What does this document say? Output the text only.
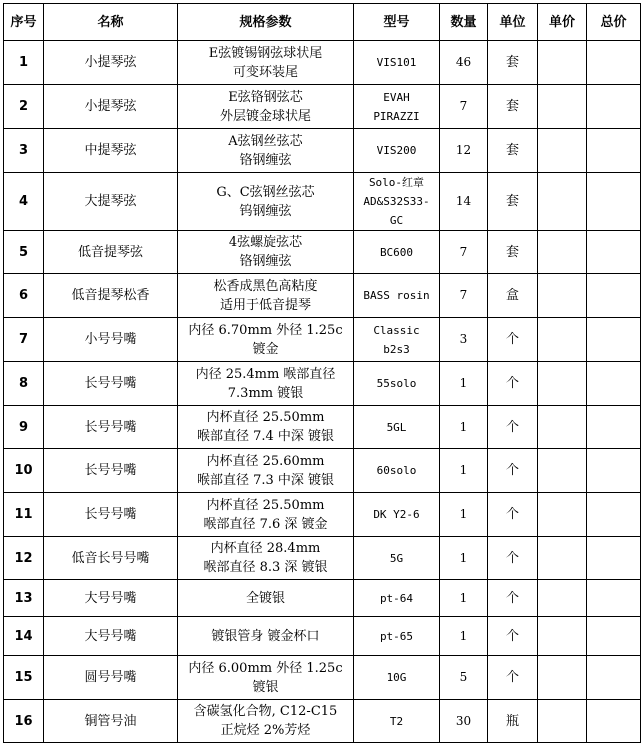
序号	名称	规格参数	型号	数量	单位	单价	总价
1	小提琴弦	E弦镀锡钢弦球状尾
可变环装尾	VIS101	46	套		
2	小提琴弦	E弦铬钢弦芯
外层镀金球状尾	EVAH
PIRAZZI	7	套		
3	中提琴弦	A弦钢丝弦芯
铬钢缠弦	VIS200	12	套		
4	大提琴弦	G、C弦钢丝弦芯
钨钢缠弦	Solo-红章
AD&S32S33-
GC	14	套		
5	低音提琴弦	4弦螺旋弦芯
铬钢缠弦	BC600	7	套		
6	低音提琴松香	松香成黑色高粘度
适用于低音提琴	BASS rosin	7	盒		
7	小号号嘴	内径 6.70mm 外径 1.25c
镀金	Classic
b2s3	3	个		
8	长号号嘴	内径 25.4mm 喉部直径
7.3mm 镀银	55solo	1	个		
9	长号号嘴	内杯直径 25.50mm
喉部直径 7.4 中深 镀银	5GL	1	个		
10	长号号嘴	内杯直径 25.60mm
喉部直径 7.3 中深 镀银	60solo	1	个		
11	长号号嘴	内杯直径 25.50mm
喉部直径 7.6 深 镀金	DK Y2-6	1	个		
12	低音长号号嘴	内杯直径 28.4mm
喉部直径 8.3 深 镀银	5G	1	个		
13	大号号嘴	全镀银	pt-64	1	个		
14	大号号嘴	镀银管身 镀金杯口	pt-65	1	个		
15	圆号号嘴	内径 6.00mm 外径 1.25c
镀银	10G	5	个		
16	铜管号油	含碳氢化合物, C12-C15
正烷烃 2%芳烃	T2	30	瓶		
